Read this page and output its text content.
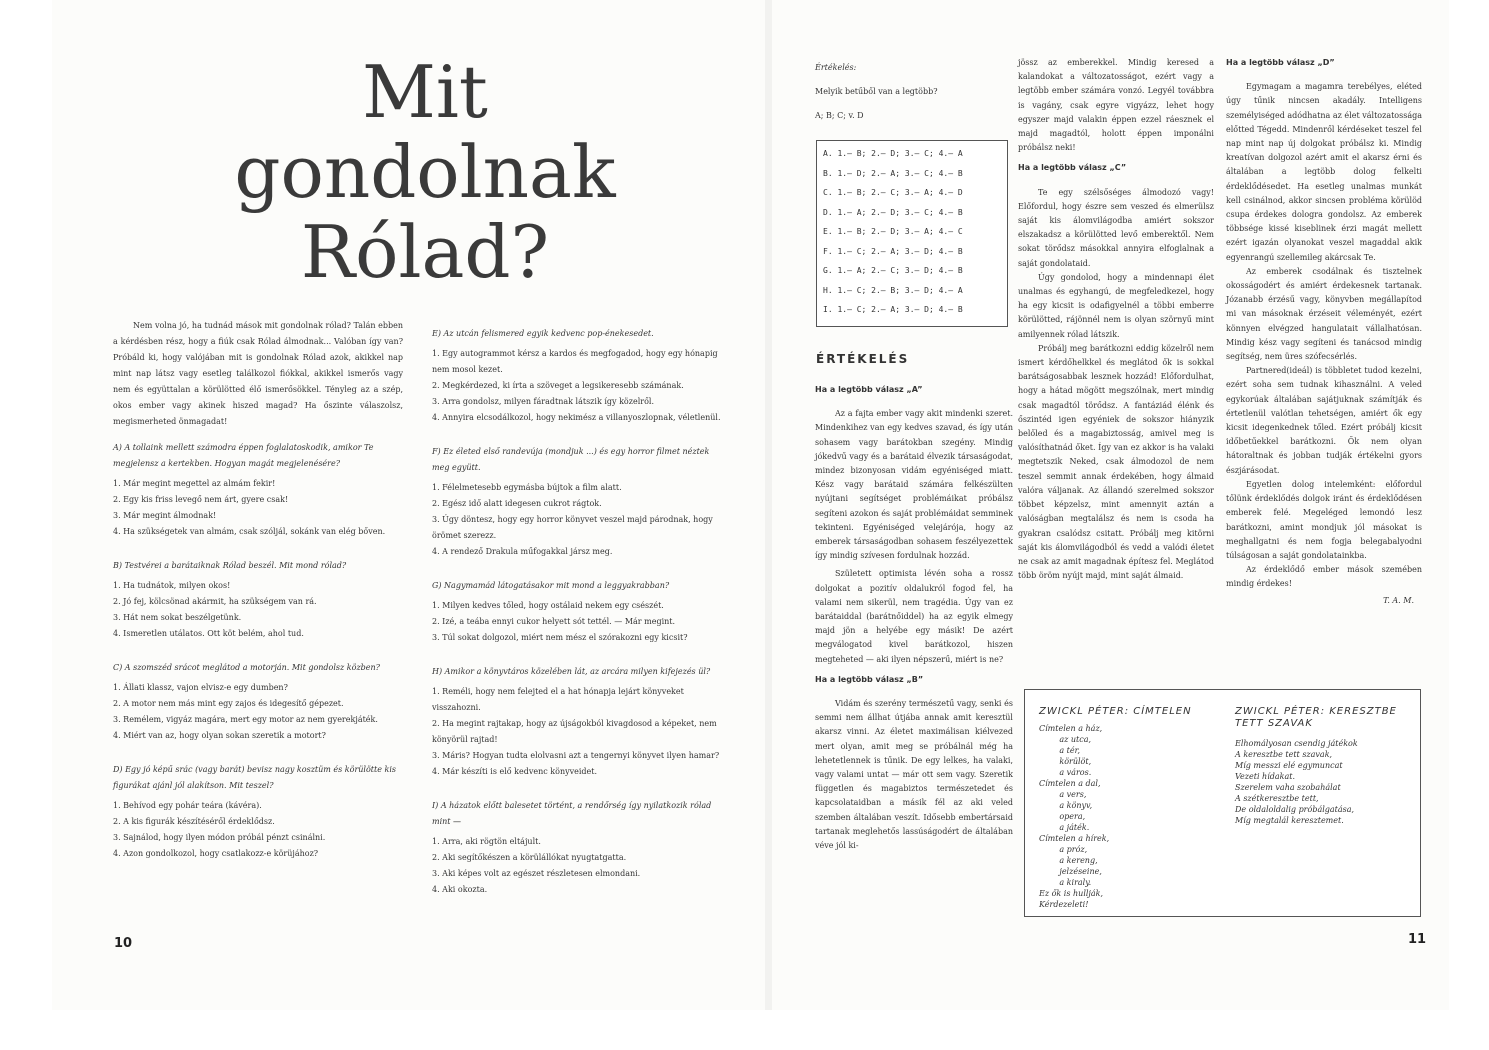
Mit
gondolnak
Rólad?

Nem volna jó, ha tudnád mások mit gondolnak rólad? Talán ebben a kérdésben rész, hogy a fiúk csak Rólad álmodnak... Valóban így van? Próbáld ki, hogy valójában mit is gondolnak Rólad azok, akikkel nap mint nap látsz vagy esetleg találkozol fiókkal, akikkel ismerős vagy nem és együttalan a körülötted élő ismerősökkel. Tényleg az a szép, okos ember vagy akinek hiszed magad? Ha őszinte válaszolsz, megismerheted önmagadat!

A) A tollaink mellett számodra éppen foglalatoskodik, amikor Te megjelensz a kertekben. Hogyan magát megjelenésére?

1. Már megint megettel az almám fekir!

2. Egy kis friss levegő nem árt, gyere csak!

3. Már megint álmodnak!

4. Ha szükségetek van almám, csak szóljál, sokánk van elég bőven.

B) Testvérei a barátaiknak Rólad beszél. Mit mond rólad?

1. Ha tudnátok, milyen okos!

2. Jó fej, kölcsönad akármit, ha szükségem van rá.

3. Hát nem sokat beszélgetünk.

4. Ismeretlen utálatos. Ott köt belém, ahol tud.

C) A szomszéd srácot meglátod a motorján. Mit gondolsz közben?

1. Állati klassz, vajon elvisz-e egy dumben?

2. A motor nem más mint egy zajos és idegesítő gépezet.

3. Remélem, vigyáz magára, mert egy motor az nem gyerekjáték.

4. Miért van az, hogy olyan sokan szeretik a motort?

D) Egy jó képű srác (vagy barát) bevisz nagy kosztüm és körülötte kis figurákat ajánl jól alakítson. Mit teszel?

1. Behívod egy pohár teára (kávéra).

2. A kis figurák készítéséről érdeklődsz.

3. Sajnálod, hogy ilyen módon próbál pénzt csinálni.

4. Azon gondolkozol, hogy csatlakozz-e körüjához?

E) Az utcán felismered egyik kedvenc pop-énekesedet.

1. Egy autogrammot kérsz a kardos és megfogadod, hogy egy hónapig nem mosol kezet.

2. Megkérdezed, ki írta a szöveget a legsikeresebb számának.

3. Arra gondolsz, milyen fáradtnak látszik így közelről.

4. Annyira elcsodálkozol, hogy nekimész a villanyoszlopnak, véletlenül.

F) Ez életed első randevúja (mondjuk ...) és egy horror filmet néztek meg együtt.

1. Félelmetesebb egymásba bújtok a film alatt.

2. Egész idő alatt idegesen cukrot rágtok.

3. Úgy döntesz, hogy egy horror könyvet veszel majd párodnak, hogy örömet szerezz.

4. A rendező Drakula műfogakkal jársz meg.

G) Nagymamád látogatásakor mit mond a leggyakrabban?

1. Milyen kedves tőled, hogy ostálaid nekem egy csészét.

2. Izé, a teába ennyi cukor helyett sót tettél. — Már megint.

3. Túl sokat dolgozol, miért nem mész el szórakozni egy kicsit?

H) Amikor a könyvtáros közelében lát, az arcára milyen kifejezés ül?

1. Reméli, hogy nem felejted el a hat hónapja lejárt könyveket visszahozni.

2. Ha megint rajtakap, hogy az újságokból kivagdosod a képeket, nem könyörül rajtad!

3. Máris? Hogyan tudta elolvasni azt a tengernyi könyvet ilyen hamar?

4. Már készíti is elő kedvenc könyveidet.

I) A házatok előtt balesetet történt, a rendőrség így nyilatkozik rólad mint —

1. Arra, aki rögtön eltájult.

2. Aki segítőkészen a körülállókat nyugtatgatta.

3. Aki képes volt az egészet részletesen elmondani.

4. Aki okozta.

10

Értékelés:

Melyik betűből van a legtöbb?

A; B; C; v. D

A. 1.— B; 2.— D; 3.— C; 4.— A
B. 1.— D; 2.— A; 3.— C; 4.— B
C. 1.— B; 2.— C; 3.— A; 4.— D
D. 1.— A; 2.— D; 3.— C; 4.— B
E. 1.— B; 2.— D; 3.— A; 4.— C
F. 1.— C; 2.— A; 3.— D; 4.— B
G. 1.— A; 2.— C; 3.— D; 4.— B
H. 1.— C; 2.— B; 3.— D; 4.— A
I. 1.— C; 2.— A; 3.— D; 4.— B
ÉRTÉKELÉS

Ha a legtöbb válasz „A”

Az a fajta ember vagy akit mindenki szeret. Mindenkihez van egy kedves szavad, és így után sohasem vagy barátokban szegény. Mindig jókedvű vagy és a barátaid élvezik társaságodat, mindez bizonyosan vidám egyéniséged miatt. Kész vagy barátaid számára felkészülten nyújtani segítséget problémáikat próbálsz segíteni azokon és saját problémáidat semminek tekinteni. Egyéniséged velejárója, hogy az emberek társaságodban sohasem feszélyezettek így mindig szívesen fordulnak hozzád.

Született optimista lévén soha a rossz dolgokat a pozitív oldalukról fogod fel, ha valami nem sikerül, nem tragédia. Úgy van ez barátaiddal (barátnőiddel) ha az egyik elmegy majd jön a helyébe egy másik! De azért megválogatod kivel barátkozol, hiszen megteheted — aki ilyen népszerű, miért is ne?

Ha a legtöbb válasz „B”

Vidám és szerény természetű vagy, senki és semmi nem állhat útjába annak amit keresztül akarsz vinni. Az életet maximálisan kiélvezed mert olyan, amit meg se próbálnál még ha lehetetlennek is tűnik. De egy lelkes, ha valaki, vagy valami untat — már ott sem vagy. Szeretik független és magabiztos természetedet és kapcsolataidban a másik fél az aki veled szemben általában veszít. Idősebb embertársaid tartanak meglehetős lassúságodért de általában véve jól ki-

jössz az emberekkel. Mindig keresed a kalandokat a változatosságot, ezért vagy a legtöbb ember számára vonzó. Legyél továbbra is vagány, csak egyre vigyázz, lehet hogy egyszer majd valakin éppen ezzel ráesznek el majd magadtól, holott éppen imponálni próbálsz neki!

Ha a legtöbb válasz „C”

Te egy szélsőséges álmodozó vagy! Előfordul, hogy észre sem veszed és elmerülsz saját kis álomvilágodba amiért sokszor elszakadsz a körülötted levő emberektől. Nem sokat törődsz másokkal annyira elfoglalnak a saját gondolataid.

Úgy gondolod, hogy a mindennapi élet unalmas és egyhangú, de megfeledkezel, hogy ha egy kicsit is odafigyelnél a többi emberre körülötted, rájönnél nem is olyan szörnyű mint amilyennek rólad látszik.

Próbálj meg barátkozni eddig közelről nem ismert kérdőhelkkel és meglátod ők is sokkal barátságosabbak lesznek hozzád! Előfordulhat, hogy a hátad mögött megszólnak, mert mindig csak magadtól törődsz. A fantáziád élénk és őszintéd igen egyéniek de sokszor hiányzik belőled és a magabiztosság, amivel meg is valósíthatnád őket. Így van ez akkor is ha valaki megtetszik Neked, csak álmodozol de nem teszel semmit annak érdekében, hogy álmaid valóra váljanak. Az állandó szerelmed sokszor többet képzelsz, mint amennyit aztán a valóságban megtalálsz és nem is csoda ha gyakran csalódsz csitatt. Próbálj meg kitörni saját kis álomvilágodból és vedd a valódi életet ne csak az amit magadnak építesz fel. Meglátod több öröm nyújt majd, mint saját álmaid.

Ha a legtöbb válasz „D”

Egymagam a magamra terebélyes, eléted úgy tűnik nincsen akadály. Intelligens személyiséged adódhatna az élet változatossága előtted Tégedd. Mindenről kérdéseket teszel fel nap mint nap új dolgokat próbálsz ki. Mindig kreatívan dolgozol azért amit el akarsz érni és általában a legtöbb dolog felkelti érdeklődésedet. Ha esetleg unalmas munkát kell csinálnod, akkor sincsen probléma körülöd csupa érdekes dologra gondolsz. Az emberek többsége kissé kiseblinek érzi magát mellett ezért igazán olyanokat veszel magaddal akik egyenrangú szellemileg akárcsak Te.

Az emberek csodálnak és tisztelnek okosságodért és amiért érdekesnek tartanak. Józanabb érzésű vagy, könyvben megállapítod mi van másoknak érzéseit véleményét, ezért könnyen elvégzed hangulatait vállalhatósan. Mindig kész vagy segíteni és tanácsod mindig segítség, nem üres szófecsérlés.

Partnered(ideál) is többletet tudod kezelni, ezért soha sem tudnak kihasználni. A veled egykorúak általában sajátjuknak számítják és értetlenül valótlan tehetségen, amiért ők egy kicsit idegenkednek tőled. Ezért próbálj kicsit időbetűekkel barátkozni. Ők nem olyan hátoraltnak és jobban tudják értékelni gyors észjárásodat.

Egyetlen dolog intelemként: előfordul tőlünk érdeklődés dolgok iránt és érdeklődésen emberek felé. Megeléged lemondó lesz barátkozni, amint mondjuk jól másokat is meghallgatni és nem fogja belegabalyodni túlságosan a saját gondolatainkba.

Az érdeklődő ember mások szemében mindig érdekes!

T. A. M.

ZWICKL PÉTER: CÍMTELEN
Címtelen a ház,
az utca,
a tér,
körülöt,
a város.
Címtelen a dal,
a vers,
a könyv,
opera,
a játék.
Címtelen a hírek,
a próz,
a kereng,
jelzéseine,
a kiraly.
Ez ők is hullják,
Kérdezeleti!
ZWICKL PÉTER: KERESZTBE TETT SZAVAK
Elhomályosan csendig játékok
A keresztbe tett szavak,
Míg messzi elé egymuncat
Vezeti hídakat.
Szerelem vaha szobahálat
A szétkeresztbe tett,
De oldaloldalig próbálgatása,
Míg megtalál keresztemet.
11
